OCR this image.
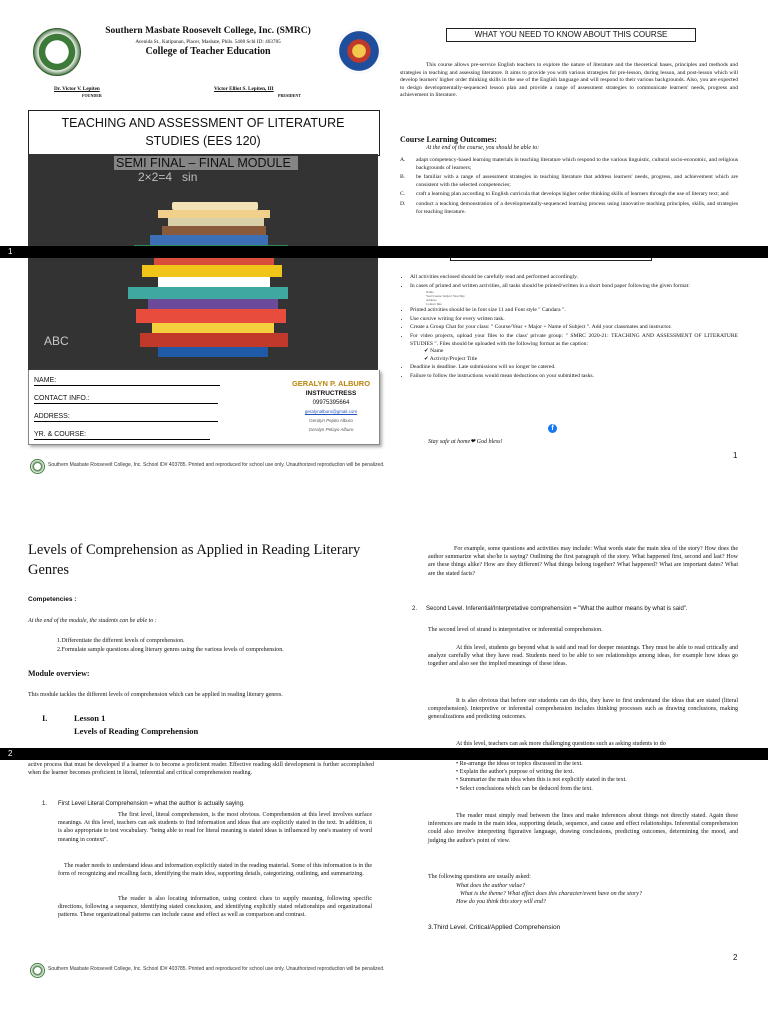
Southern Masbate Roosevelt College, Inc. (SMRC)
Avenida St., Katipunan, Placer, Masbate, Phils. 5408 Schl ID: 403785
College of Teacher Education
Dr. Victor V. Lepiten
FOUNDER
Victor Elliot S. Lepiten, III
PRESIDENT
TEACHING AND ASSESSMENT OF LITERATURE STUDIES (EES 120)
2×2=4   sin
ABC
SEMI FINAL – FINAL MODULE
NAME:
CONTACT INFO.:
ADDRESS:
YR. & COURSE:
GERALYN P. ALBURO
INSTRUCTRESS
09975395664
geralynalburo@gmail.com
Geralyn Pepito Alburo
Geralyn Pelayo Alburo
WHAT YOU NEED TO KNOW ABOUT THIS COURSE
This course allows pre-service English teachers to explore the nature of literature and the theoretical bases, principles and methods and strategies in teaching and assessing literature. It aims to provide you with various strategies for pre-lesson, during lesson, and post-lesson which will develop learners' higher order thinking skills in the use of the English language and will respond to their various backgrounds. Also, you are expected to design developmentally-sequenced lesson plan and provide a range of assessment strategies to communicate learners' needs, progress and achievement in literature.
Course Learning Outcomes:
At the end of the course, you should be able to:
A.	adapt competency-based learning materials in teaching literature which respond to the various linguistic, cultural socio-economic, and religious backgrounds of learners;
B.	be familiar with a range of assessment strategies in teaching literature that address learners' needs, progress, and achievement which are consistent with the selected competencies;
C.	craft a learning plan according to English curricula that develops higher order thinking skills of learners through the use of literary text; and
D.	conduct a teaching demonstration of a developmentally-sequenced learning process using innovative teaching principles, skills, and strategies for teaching literature.
• All activities enclosed should be carefully read and performed accordingly.
• In cases of printed and written activities, all tasks should be printed/written in a short bond paper following the given format:
Name
Year/Course Subject Year/Day
Address
Contact Info
• Printed activities should be in font size 11 and Font style " Candara ".
• Use cursive writing for every written task.
• Create a Group Chat for your class: " Course/Year + Major + Name of Subject ". Add your classmates and instructor.
• For video projects, upload your files to the class' private group: " SMRC 2020-21: TEACHING AND ASSESSMENT OF LITERATURE STUDIES ". Files should be uploaded with the following format as the caption:
✔ Name
✔ Activity/Project Title
• Deadline is deadline. Late submissions will no longer be catered.
• Failure to follow the instructions would mean deductions on your submitted tasks.
f
Stay safe at home❤ God bless!
1
1
Southern Masbate Roosevelt College, Inc. School ID# 403785. Printed and reproduced for school use only. Unauthorized reproduction will be penalized.
Levels of Comprehension as Applied in Reading Literary Genres
Competencies :
At the end of the module, the students can be able to :
1.Differentiate the different levels of comprehension.
2.Formulate sample questions along literary genres using the various levels of comprehension.
Module overview:
This module tackles the different levels of comprehension which can be applied in reading literary genres.
I.	Lesson 1
Levels of Reading Comprehension
For example, some questions and activities may include: What words state the main idea of the story? How does the author summarize what she/he is saying? Outlining the first paragraph of the story. What happened first, second and last? How are these things alike? How are they different? What things belong together? What happened? What are important dates? What are the stated facts?
2. Second Level. Inferential/Interpretative comprehension = "What the author means by what is said".
The second level of strand is interpretative or inferential comprehension.
At this level, students go beyond what is said and read for deeper meanings. They must be able to read critically and analyze carefully what they have read. Students need to be able to see relationships among ideas, for example how ideas go together and also see the implied meanings of these ideas.
It is also obvious that before our students can do this, they have to first understand the ideas that are stated (literal comprehension). Interpretive or inferential comprehension includes thinking processes such as drawing conclusions, making generalizations and predicting outcomes.
At this level, teachers can ask more challenging questions such as asking students to do
2
active process that must be developed if a learner is to become a proficient reader. Effective reading skill development is further accomplished when the learner becomes proficient in literal, inferential and critical comprehension reading.
1. First Level Literal Comprehension = what the author is actually saying.
The first level, literal comprehension, is the most obvious. Comprehension at this level involves surface meanings. At this level, teachers can ask students to find information and ideas that are explicitly stated in the text. In addition, it is also appropriate to test vocabulary. "being able to read for literal meaning is stated ideas is influenced by one's mastery of word meaning in context".
The reader needs to understand ideas and information explicitly stated in the reading material. Some of this information is in the form of recognizing and recalling facts, identifying the main idea, supporting details, categorizing, outlining, and summarizing.
The reader is also locating information, using context clues to supply meaning, following specific directions, following a sequence, identifying stated conclusion, and identifying explicitly stated relationships and organizational patterns. These organizational patterns can include cause and effect as well as comparison and contrast.
• Re-arrange the ideas or topics discussed in the text.
• Explain the author's purpose of writing the text.
• Summarize the main idea when this is not explicitly stated in the text.
• Select conclusions which can be deduced from the text.
The reader must simply read between the lines and make inferences about things not directly stated. Again these inferences are made in the main idea, supporting details, sequence, and cause and effect relationships. Inferential comprehension could also involve interpreting figurative language, drawing conclusions, predicting outcomes, determining the mood, and judging the author's point of view.
The following questions are usually asked:
What does the author value?
What is the theme? What effect does this character/event have on the story?
How do you think this story will end?
3.Third Level. Critical/Applied Comprehension
2
Southern Masbate Roosevelt College, Inc. School ID# 403785. Printed and reproduced for school use only. Unauthorized reproduction will be penalized.
